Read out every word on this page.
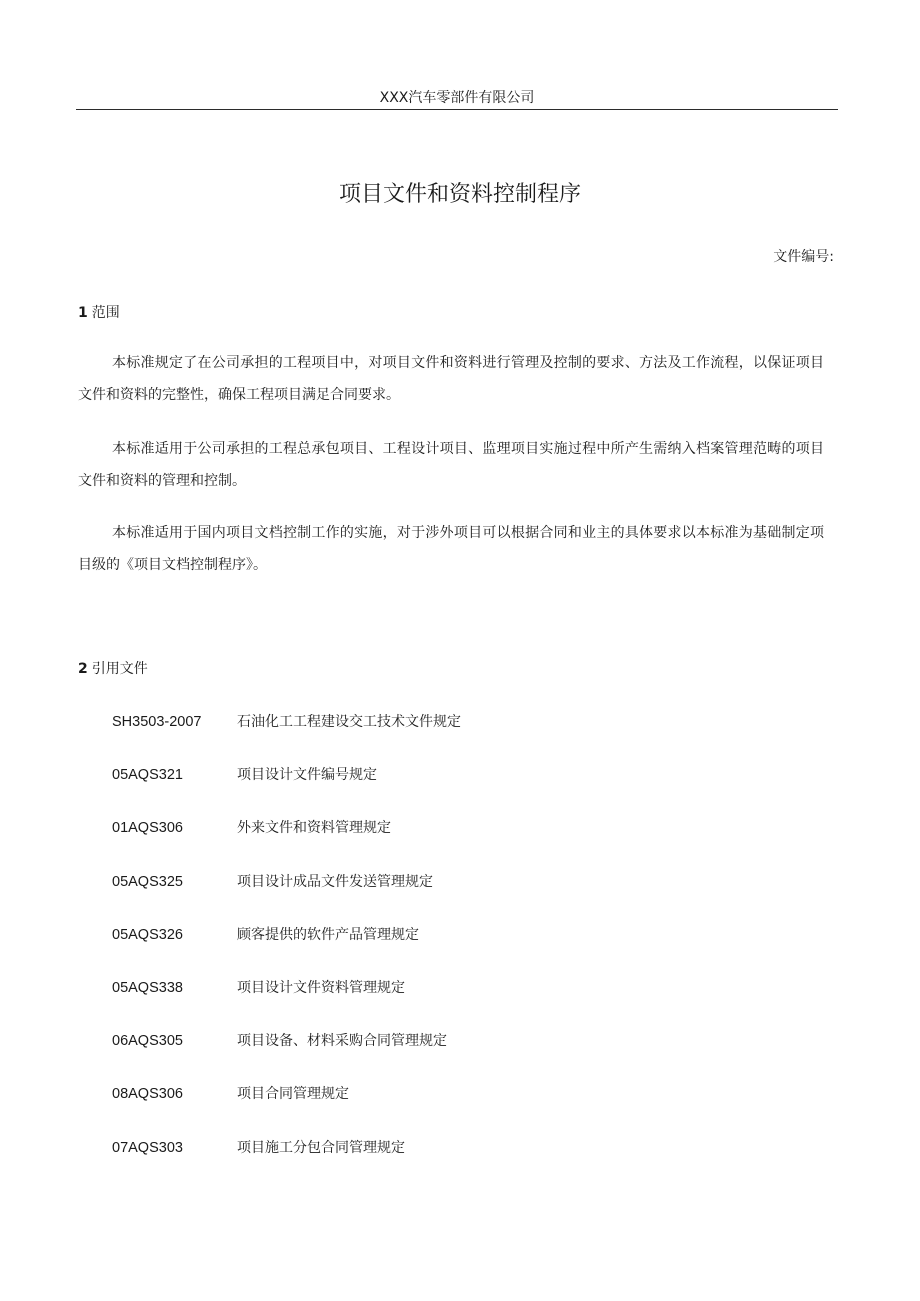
XXX汽车零部件有限公司
项目文件和资料控制程序
文件编号:
1 范围

本标准规定了在公司承担的工程项目中，对项目文件和资料进行管理及控制的要求、方法及工作流程，以保证项目文件和资料的完整性，确保工程项目满足合同要求。

本标准适用于公司承担的工程总承包项目、工程设计项目、监理项目实施过程中所产生需纳入档案管理范畴的项目文件和资料的管理和控制。

本标准适用于国内项目文档控制工作的实施，对于涉外项目可以根据合同和业主的具体要求以本标准为基础制定项目级的《项目文档控制程序》。

2 引用文件
SH3503-2007	石油化工工程建设交工技术文件规定
05AQS321	项目设计文件编号规定
01AQS306	外来文件和资料管理规定
05AQS325	项目设计成品文件发送管理规定
05AQS326	顾客提供的软件产品管理规定
05AQS338	项目设计文件资料管理规定
06AQS305	项目设备、材料采购合同管理规定
08AQS306	项目合同管理规定
07AQS303	项目施工分包合同管理规定
